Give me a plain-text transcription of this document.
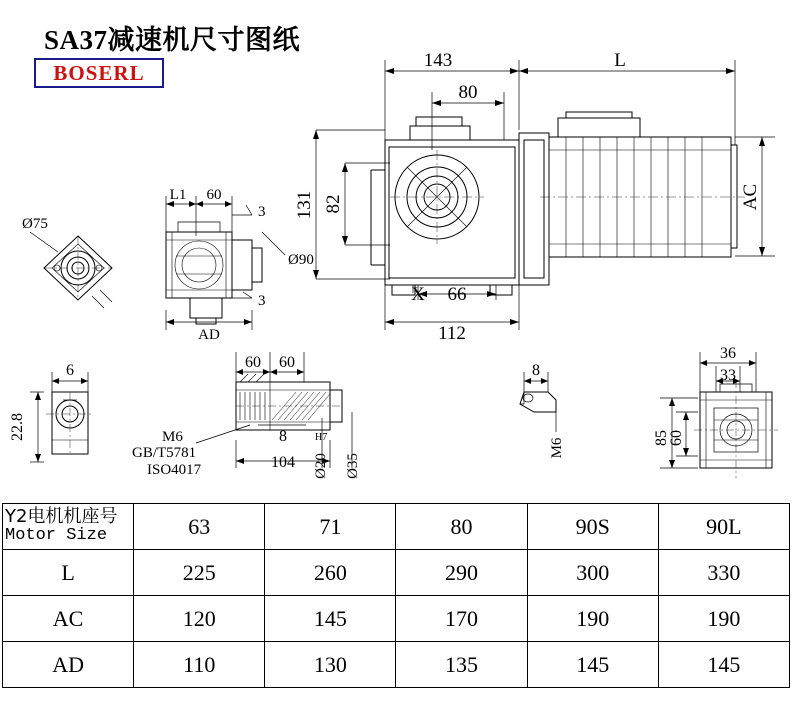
SA37减速机尺寸图纸
BOSERL
143	L
80
131 82	AC
66
112
X
L1 60
3
3
Ø90
AD
Ø75
6
22.8
60 60
8
104 Ø20
H7
Ø35
M6
GB/T5781
ISO4017
8
M6
36
33
85
60
Y2电机机座号
Motor Size	63	71	80	90S	90L
L	225	260	290	300	330
AC	120	145	170	190	190
AD	110	130	135	145	145
